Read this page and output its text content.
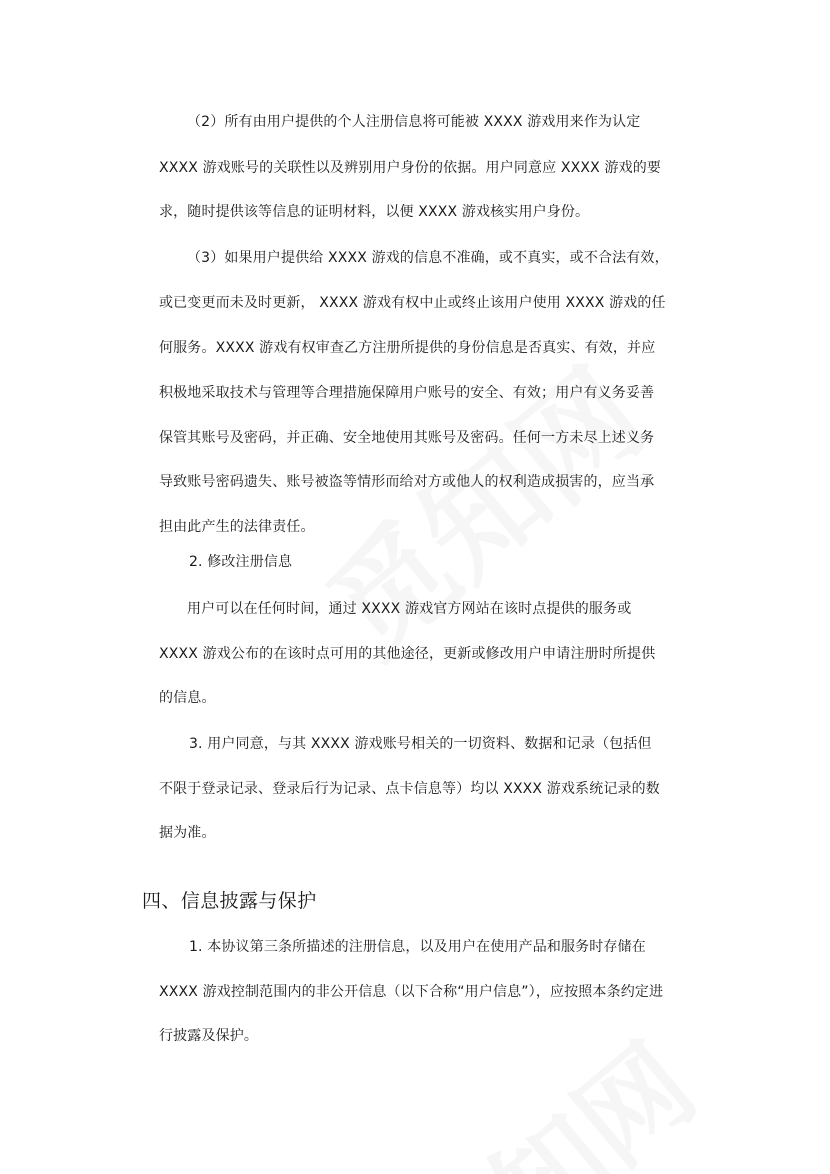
（2）所有由用户提供的个人注册信息将可能被 XXXX 游戏用来作为认定
XXXX 游戏账号的关联性以及辨别用户身份的依据。用户同意应 XXXX 游戏的要
求，随时提供该等信息的证明材料，以便 XXXX 游戏核实用户身份。
（3）如果用户提供给 XXXX 游戏的信息不准确，或不真实，或不合法有效，
或已变更而未及时更新， XXXX 游戏有权中止或终止该用户使用 XXXX 游戏的任
何服务。XXXX 游戏有权审查乙方注册所提供的身份信息是否真实、有效，并应
积极地采取技术与管理等合理措施保障用户账号的安全、有效；用户有义务妥善
保管其账号及密码，并正确、安全地使用其账号及密码。任何一方未尽上述义务
导致账号密码遗失、账号被盗等情形而给对方或他人的权利造成损害的，应当承
担由此产生的法律责任。
2. 修改注册信息
用户可以在任何时间，通过 XXXX 游戏官方网站在该时点提供的服务或
XXXX 游戏公布的在该时点可用的其他途径，更新或修改用户申请注册时所提供
的信息。
3. 用户同意，与其 XXXX 游戏账号相关的一切资料、数据和记录（包括但
不限于登录记录、登录后行为记录、点卡信息等）均以 XXXX 游戏系统记录的数
据为准。
四、信息披露与保护
1. 本协议第三条所描述的注册信息，以及用户在使用产品和服务时存储在
XXXX 游戏控制范围内的非公开信息（以下合称“用户信息”），应按照本条约定进
行披露及保护。
